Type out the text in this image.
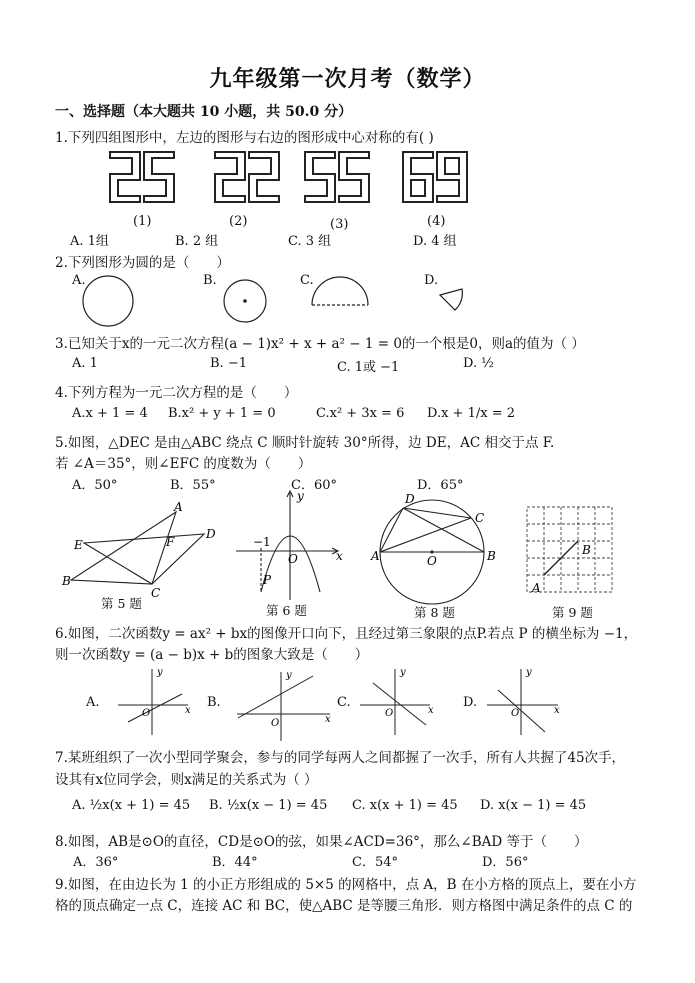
九年级第一次月考（数学）
一、选择题（本大题共 10 小题，共 50.0 分）
1.下列四组图形中，左边的图形与右边的图形成中心对称的有( )
(1)	(2)	(3)	(4)
A. 1组	B. 2 组	C. 3 组	D. 4 组
2.下列图形为圆的是（　　）
A.	B.	C.	D.
3.已知关于x的一元二次方程(a − 1)x² + x + a² − 1 = 0的一个根是0，则a的值为（ ）
A. 1	B. −1	C. 1或 −1	D. ½
4.下列方程为一元二次方程的是（　　）
A.x + 1 = 4 B.x² + y + 1 = 0	C.x² + 3x = 6 D.x + 1/x = 2
5.如图，△DEC 是由△ABC 绕点 C 顺时针旋转 30°所得，边 DE，AC 相交于点 F.
若 ∠A＝35°，则∠EFC 的度数为（　　）
A．50°	B．55°	C．60°	D．65°
A
E	F
D
B
C
y
−1
O	x
P
D
C
A	O	B	B
A
第 5 题	第 6 题	第 8 题	第 9 题
6.如图，二次函数y = ax² + bx的图像开口向下，且经过第三象限的点P.若点 P 的横坐标为 −1，
则一次函数y = (a − b)x + b的图象大致是（　　）
A.	B.	C.	D.
y
O	x
y
O	x
y
O	x
y
O	x
7.某班组织了一次小型同学聚会，参与的同学每两人之间都握了一次手，所有人共握了45次手，
设其有x位同学会，则x满足的关系式为（ ）
A. ½x(x + 1) = 45 B. ½x(x − 1) = 45 C. x(x + 1) = 45 D. x(x − 1) = 45
8.如图，AB是⊙O的直径，CD是⊙O的弦，如果∠ACD=36°，那么∠BAD 等于（　　）
A．36°	B．44°	C．54°	D．56°
9.如图，在由边长为 1 的小正方形组成的 5×5 的网格中，点 A，B 在小方格的顶点上，要在小方
格的顶点确定一点 C，连接 AC 和 BC，使△ABC 是等腰三角形．则方格图中满足条件的点 C 的
